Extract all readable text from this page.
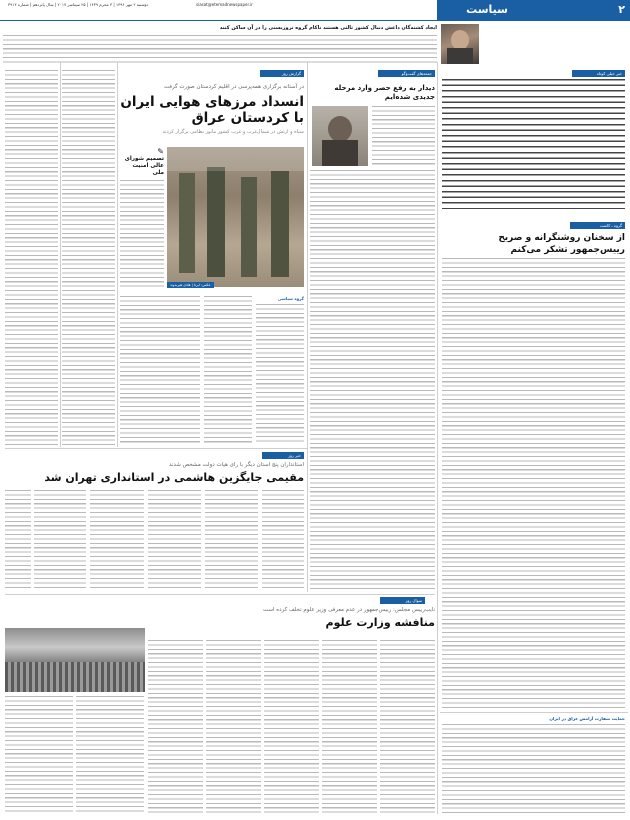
۲
سیاست
siasat@etemadnewspaper.ir
دوشنبه ۲ مهر ۱۳۹۶ | ۳ محرم ۱۴۳۹ | ۲۵ سپتامبر ۲۰۱۷ | سال پانزدهم | شماره ۳۹۱۴
ایجاد کشته‌گان داعش دنبال کشور ثالثی هستند ناکام گروه تروریستی را در آن ساکن کنند
خبر خیلی کوتاه
گروه ـ کامنت
از سخنان روشنگرانه و صریح رییس‌جمهور تشکر می‌کنم
حمایت سفارت آرامش عراق در ایران
جمعه‌های گفت‌وگو
دیدار به رفع حصر وارد مرحله جدیدی شده‌ایم
گزارش روز
در آستانه برگزاری همه‌پرسی در اقلیم کردستان صورت گرفت
انسداد مرزهای هوایی ایران با کردستان عراق
سپاه و ارتش در شمال‌غرب و غرب کشور مانور نظامی برگزار کردند
عکس: ایرنا | هادی هیربدوند
✎
تصمیم شورای عالی امنیت ملی
گروه سیاسی
خبر روز
استانداران پنج استان دیگر با رای هیات دولت مشخص شدند
مقیمی جایگزین هاشمی در استانداری تهران شد
سوال روز
نایب‌رییس مجلس: رییس‌جمهور در عدم معرفی وزیر علوم تخلف کرده است
منافشه وزارت علوم
